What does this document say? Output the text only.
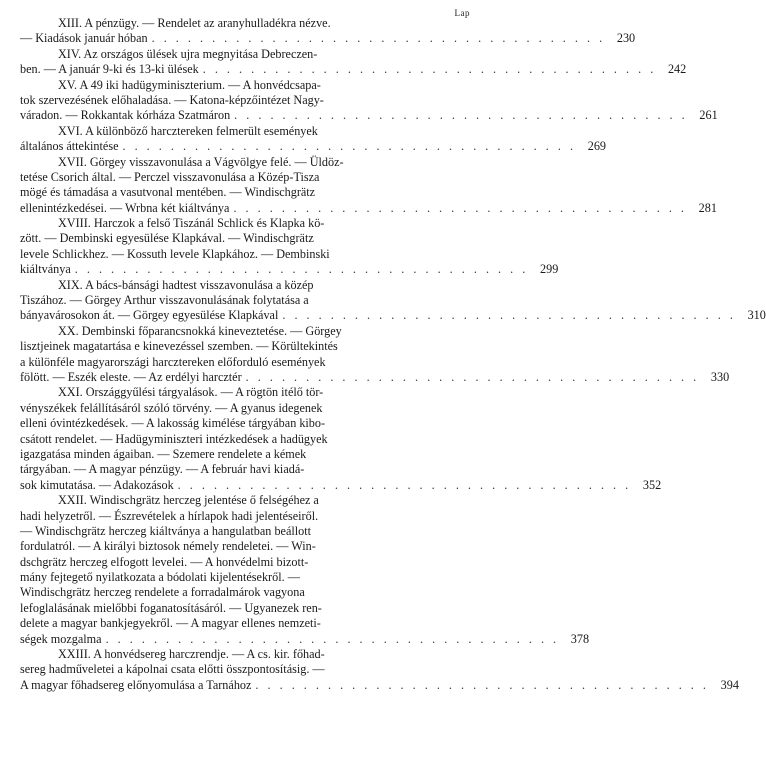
Lap
XIII. A pénzügy. — Rendelet az aranyhulladékra nézve.
— Kiadások január hóban . . . . . . . . . . . . . . . . . . . . . . . . . . . . . . . . . . . . . . 230
XIV. Az országos ülések ujra megnyitása Debreczen-
ben. — A január 9-ki és 13-ki ülések . . . . . . . . . . . . . . . . . . . . . . . . . . . . . . . . . . . . . . 242
XV. A 49 iki hadügyminiszterium. — A honvédcsapa-
tok szervezésének előhaladása. — Katona-képzőintézet Nagy-
váradon. — Rokkantak kórháza Szatmáron . . . . . . . . . . . . . . . . . . . . . . . . . . . . . . . . . . . . . . 261
XVI. A különböző harcztereken felmerült események
általános áttekintése . . . . . . . . . . . . . . . . . . . . . . . . . . . . . . . . . . . . . . 269
XVII. Görgey visszavonulása a Vágvölgye felé. — Üldöz-
tetése Csorich által. — Perczel visszavonulása a Közép-Tisza
mögé és támadása a vasutvonal mentében. — Windischgrätz
ellenintézkedései. — Wrbna két kiáltványa . . . . . . . . . . . . . . . . . . . . . . . . . . . . . . . . . . . . . . 281
XVIII. Harczok a felső Tiszánál Schlick és Klapka kö-
zött. — Dembinski egyesülése Klapkával. — Windischgrätz
levele Schlickhez. — Kossuth levele Klapkához. — Dembinski
kiáltványa . . . . . . . . . . . . . . . . . . . . . . . . . . . . . . . . . . . . . . 299
XIX. A bács-bánsági hadtest visszavonulása a közép
Tiszához. — Görgey Arthur visszavonulásának folytatása a
bányavárosokon át. — Görgey egyesülése Klapkával . . . . . . . . . . . . . . . . . . . . . . . . . . . . . . . . . . . . . . 310
XX. Dembinski főparancsnokká kineveztetése. — Görgey
lisztjeinek magatartása e kinevezéssel szemben. — Körültekintés
a különféle magyarországi harcztereken előforduló események
fölött. — Eszék eleste. — Az erdélyi harcztér . . . . . . . . . . . . . . . . . . . . . . . . . . . . . . . . . . . . . . 330
XXI. Országgyűlési tárgyalások. — A rögtön itélő tör-
vényszékek felállításáról szóló törvény. — A gyanus idegenek
elleni óvintézkedések. — A lakosság kimélése tárgyában kibo-
csátott rendelet. — Hadügyminiszteri intézkedések a hadügyek
igazgatása minden ágaiban. — Szemere rendelete a kémek
tárgyában. — A magyar pénzügy. — A február havi kiadá-
sok kimutatása. — Adakozások . . . . . . . . . . . . . . . . . . . . . . . . . . . . . . . . . . . . . . 352
XXII. Windischgrätz herczeg jelentése ő felségéhez a
hadi helyzetről. — Észrevételek a hírlapok hadi jelentéseiről.
— Windischgrätz herczeg kiáltványa a hangulatban beállott
fordulatról. — A királyi biztosok némely rendeletei. — Win-
dschgrätz herczeg elfogott levelei. — A honvédelmi bizott-
mány fejtegető nyilatkozata a bódolati kijelentésekről. —
Windischgrätz herczeg rendelete a forradalmárok vagyona
lefoglalásának mielőbbi foganatosításáról. — Ugyanezek ren-
delete a magyar bankjegyekről. — A magyar ellenes nemzeti-
ségek mozgalma . . . . . . . . . . . . . . . . . . . . . . . . . . . . . . . . . . . . . . 378
XXIII. A honvédsereg harczrendje. — A cs. kir. főhad-
sereg hadműveletei a kápolnai csata előtti összpontosításig. —
A magyar főhadsereg előnyomulása a Tarnához . . . . . . . . . . . . . . . . . . . . . . . . . . . . . . . . . . . . . . 394
